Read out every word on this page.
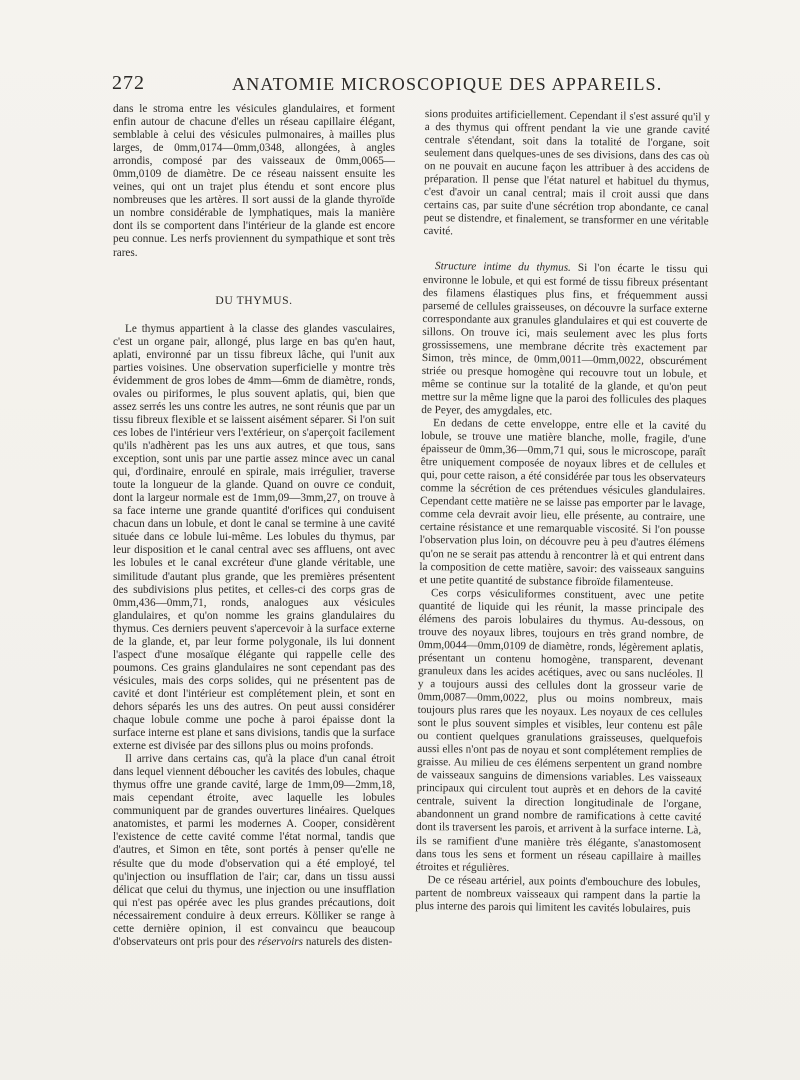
272	ANATOMIE MICROSCOPIQUE DES APPAREILS.

dans le stroma entre les vésicules glandulaires, et forment enfin autour de chacune d'elles un réseau capillaire élégant, semblable à celui des vésicules pulmonaires, à mailles plus larges, de 0mm,0174—0mm,0348, allongées, à angles arrondis, composé par des vaisseaux de 0mm,0065—0mm,0109 de diamètre. De ce réseau naissent ensuite les veines, qui ont un trajet plus étendu et sont encore plus nombreuses que les artères. Il sort aussi de la glande thyroïde un nombre considérable de lymphatiques, mais la manière dont ils se comportent dans l'intérieur de la glande est encore peu connue. Les nerfs proviennent du sympathique et sont très rares.

DU THYMUS.

Le thymus appartient à la classe des glandes vasculaires, c'est un organe pair, allongé, plus large en bas qu'en haut, aplati, environné par un tissu fibreux lâche, qui l'unit aux parties voisines. Une observation superficielle y montre très évidemment de gros lobes de 4mm—6mm de diamètre, ronds, ovales ou piriformes, le plus souvent aplatis, qui, bien que assez serrés les uns contre les autres, ne sont réunis que par un tissu fibreux flexible et se laissent aisément séparer. Si l'on suit ces lobes de l'intérieur vers l'extérieur, on s'aperçoit facilement qu'ils n'adhèrent pas les uns aux autres, et que tous, sans exception, sont unis par une partie assez mince avec un canal qui, d'ordinaire, enroulé en spirale, mais irrégulier, traverse toute la longueur de la glande. Quand on ouvre ce conduit, dont la largeur normale est de 1mm,09—3mm,27, on trouve à sa face interne une grande quantité d'orifices qui conduisent chacun dans un lobule, et dont le canal se termine à une cavité située dans ce lobule lui-même. Les lobules du thymus, par leur disposition et le canal central avec ses affluens, ont avec les lobules et le canal excréteur d'une glande véritable, une similitude d'autant plus grande, que les premières présentent des subdivisions plus petites, et celles-ci des corps gras de 0mm,436—0mm,71, ronds, analogues aux vésicules glandulaires, et qu'on nomme les grains glandulaires du thymus. Ces derniers peuvent s'apercevoir à la surface externe de la glande, et, par leur forme polygonale, ils lui donnent l'aspect d'une mosaïque élégante qui rappelle celle des poumons. Ces grains glandulaires ne sont cependant pas des vésicules, mais des corps solides, qui ne présentent pas de cavité et dont l'intérieur est complétement plein, et sont en dehors séparés les uns des autres. On peut aussi considérer chaque lobule comme une poche à paroi épaisse dont la surface interne est plane et sans divisions, tandis que la surface externe est divisée par des sillons plus ou moins profonds.

Il arrive dans certains cas, qu'à la place d'un canal étroit dans lequel viennent déboucher les cavités des lobules, chaque thymus offre une grande cavité, large de 1mm,09—2mm,18, mais cependant étroite, avec laquelle les lobules communiquent par de grandes ouvertures linéaires. Quelques anatomistes, et parmi les modernes A. Cooper, considèrent l'existence de cette cavité comme l'état normal, tandis que d'autres, et Simon en tête, sont portés à penser qu'elle ne résulte que du mode d'observation qui a été employé, tel qu'injection ou insufflation de l'air; car, dans un tissu aussi délicat que celui du thymus, une injection ou une insufflation qui n'est pas opérée avec les plus grandes précautions, doit nécessairement conduire à deux erreurs. Kölliker se range à cette dernière opinion, il est convaincu que beaucoup d'observateurs ont pris pour des réservoirs naturels des disten-

sions produites artificiellement. Cependant il s'est assuré qu'il y a des thymus qui offrent pendant la vie une grande cavité centrale s'étendant, soit dans la totalité de l'organe, soit seulement dans quelques-unes de ses divisions, dans des cas où on ne pouvait en aucune façon les attribuer à des accidens de préparation. Il pense que l'état naturel et habituel du thymus, c'est d'avoir un canal central; mais il croit aussi que dans certains cas, par suite d'une sécrétion trop abondante, ce canal peut se distendre, et finalement, se transformer en une véritable cavité.

Structure intime du thymus. Si l'on écarte le tissu qui environne le lobule, et qui est formé de tissu fibreux présentant des filamens élastiques plus fins, et fréquemment aussi parsemé de cellules graisseuses, on découvre la surface externe correspondante aux granules glandulaires et qui est couverte de sillons. On trouve ici, mais seulement avec les plus forts grossissemens, une membrane décrite très exactement par Simon, très mince, de 0mm,0011—0mm,0022, obscurément striée ou presque homogène qui recouvre tout un lobule, et même se continue sur la totalité de la glande, et qu'on peut mettre sur la même ligne que la paroi des follicules des plaques de Peyer, des amygdales, etc.

En dedans de cette enveloppe, entre elle et la cavité du lobule, se trouve une matière blanche, molle, fragile, d'une épaisseur de 0mm,36—0mm,71 qui, sous le microscope, paraît être uniquement composée de noyaux libres et de cellules et qui, pour cette raison, a été considérée par tous les observateurs comme la sécrétion de ces prétendues vésicules glandulaires. Cependant cette matière ne se laisse pas emporter par le lavage, comme cela devrait avoir lieu, elle présente, au contraire, une certaine résistance et une remarquable viscosité. Si l'on pousse l'observation plus loin, on découvre peu à peu d'autres élémens qu'on ne se serait pas attendu à rencontrer là et qui entrent dans la composition de cette matière, savoir: des vaisseaux sanguins et une petite quantité de substance fibroïde filamenteuse.

Ces corps vésiculiformes constituent, avec une petite quantité de liquide qui les réunit, la masse principale des élémens des parois lobulaires du thymus. Au-dessous, on trouve des noyaux libres, toujours en très grand nombre, de 0mm,0044—0mm,0109 de diamètre, ronds, légèrement aplatis, présentant un contenu homogène, transparent, devenant granuleux dans les acides acétiques, avec ou sans nucléoles. Il y a toujours aussi des cellules dont la grosseur varie de 0mm,0087—0mm,0022, plus ou moins nombreux, mais toujours plus rares que les noyaux. Les noyaux de ces cellules sont le plus souvent simples et visibles, leur contenu est pâle ou contient quelques granulations graisseuses, quelquefois aussi elles n'ont pas de noyau et sont complétement remplies de graisse. Au milieu de ces élémens serpentent un grand nombre de vaisseaux sanguins de dimensions variables. Les vaisseaux principaux qui circulent tout auprès et en dehors de la cavité centrale, suivent la direction longitudinale de l'organe, abandonnent un grand nombre de ramifications à cette cavité dont ils traversent les parois, et arrivent à la surface interne. Là, ils se ramifient d'une manière très élégante, s'anastomosent dans tous les sens et forment un réseau capillaire à mailles étroites et régulières.

De ce réseau artériel, aux points d'embouchure des lobules, partent de nombreux vaisseaux qui rampent dans la partie la plus interne des parois qui limitent les cavités lobulaires, puis
